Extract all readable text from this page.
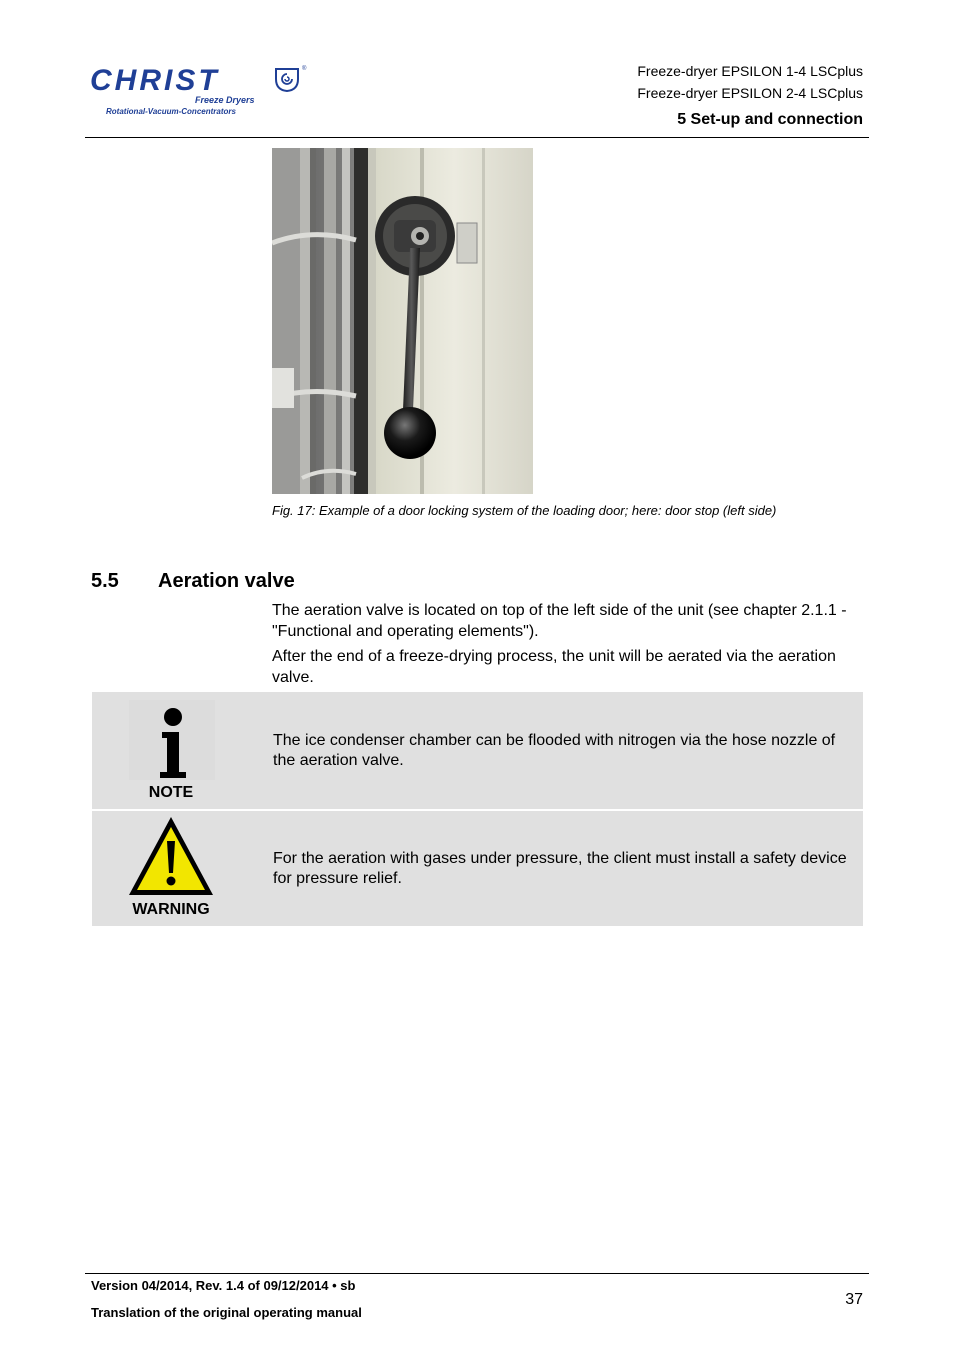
CHRIST	®
Freeze Dryers
Rotational-Vacuum-Concentrators
Freeze-dryer EPSILON 1-4 LSCplus
Freeze-dryer EPSILON 2-4 LSCplus
5 Set-up and connection
Fig. 17: Example of a door locking system of the loading door; here: door stop (left side)
5.5 Aeration valve
The aeration valve is located on top of the left side of the unit (see chapter 2.1.1 - "Functional and operating elements").
After the end of a freeze-drying process, the unit will be aerated via the aeration valve.
NOTE
The ice condenser chamber can be flooded with nitrogen via the hose nozzle of the aeration valve.
WARNING
For the aeration with gases under pressure, the client must install a safety device for pressure relief.
Version 04/2014, Rev. 1.4 of 09/12/2014 • sb
Translation of the original operating manual
37
